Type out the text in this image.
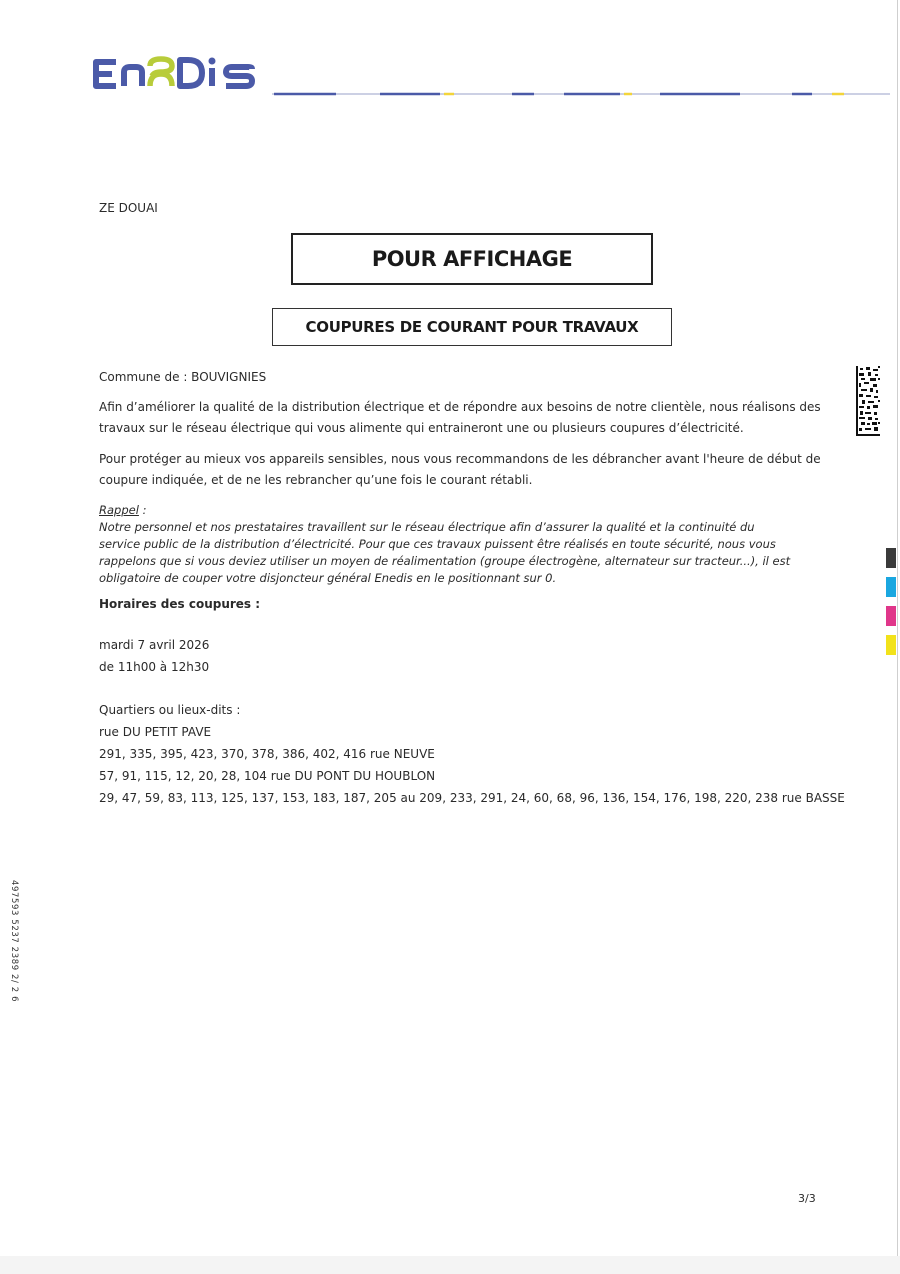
ZE DOUAI
POUR AFFICHAGE
COUPURES DE COURANT POUR TRAVAUX
Commune de : BOUVIGNIES
Afin d’améliorer la qualité de la distribution électrique et de répondre aux besoins de notre clientèle, nous réalisons des travaux sur le réseau électrique qui vous alimente qui entraineront une ou plusieurs coupures d’électricité.
Pour protéger au mieux vos appareils sensibles, nous vous recommandons de les débrancher avant l'heure de début de coupure indiquée, et de ne les rebrancher qu’une fois le courant rétabli.
Rappel :
Notre personnel et nos prestataires travaillent sur le réseau électrique afin d’assurer la qualité et la continuité du service public de la distribution d’électricité. Pour que ces travaux puissent être réalisés en toute sécurité, nous vous rappelons que si vous deviez utiliser un moyen de réalimentation (groupe électrogène, alternateur sur tracteur...), il est obligatoire de couper votre disjoncteur général Enedis en le positionnant sur 0.
Horaires des coupures :
mardi 7 avril 2026
de 11h00 à 12h30
Quartiers ou lieux-dits :
rue DU PETIT PAVE
291, 335, 395, 423, 370, 378, 386, 402, 416 rue NEUVE
57, 91, 115, 12, 20, 28, 104 rue DU PONT DU HOUBLON
29, 47, 59, 83, 113, 125, 137, 153, 183, 187, 205 au 209, 233, 291, 24, 60, 68, 96, 136, 154, 176, 198, 220, 238 rue BASSE
497593 5237 2389 2/ 2 6
3/3
